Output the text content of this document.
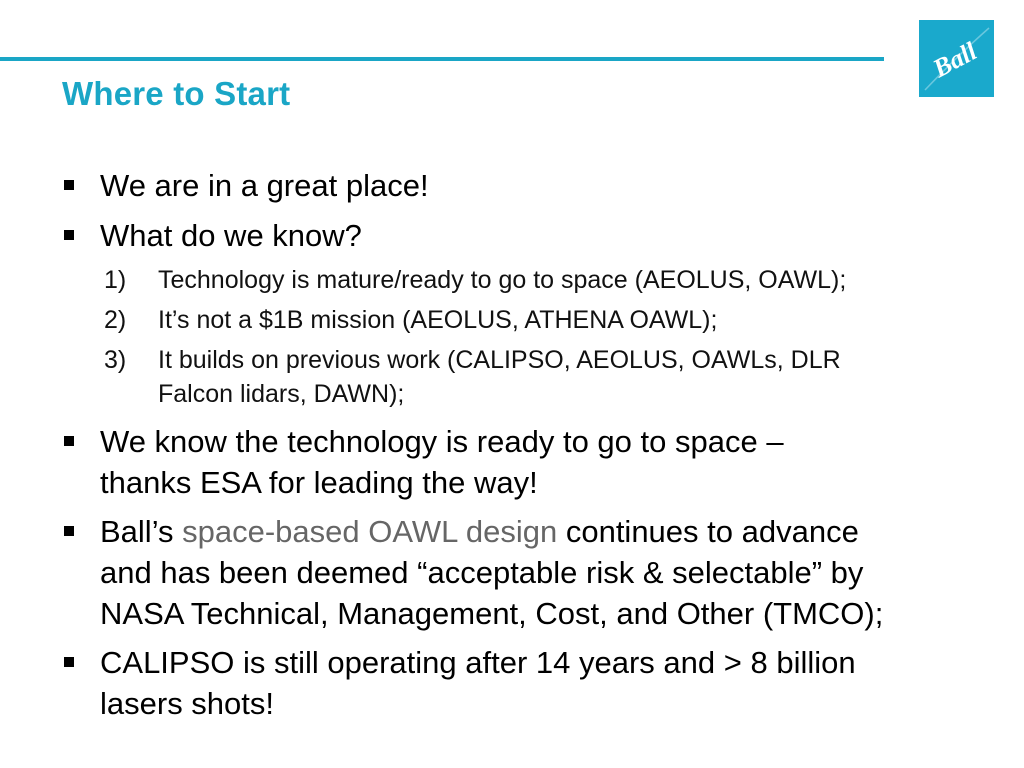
Ball
Where to Start
We are in a great place!
What do we know?
1)	Technology is mature/ready to go to space (AEOLUS, OAWL);
2)	It’s not a $1B mission (AEOLUS, ATHENA OAWL);
3)	It builds on previous work (CALIPSO, AEOLUS, OAWLs, DLR
Falcon lidars, DAWN);
We know the technology is ready to go to space –
thanks ESA for leading the way!
Ball’s space-based OAWL design continues to advance
and has been deemed “acceptable risk & selectable” by
NASA Technical, Management, Cost, and Other (TMCO);
CALIPSO is still operating after 14 years and > 8 billion
lasers shots!
